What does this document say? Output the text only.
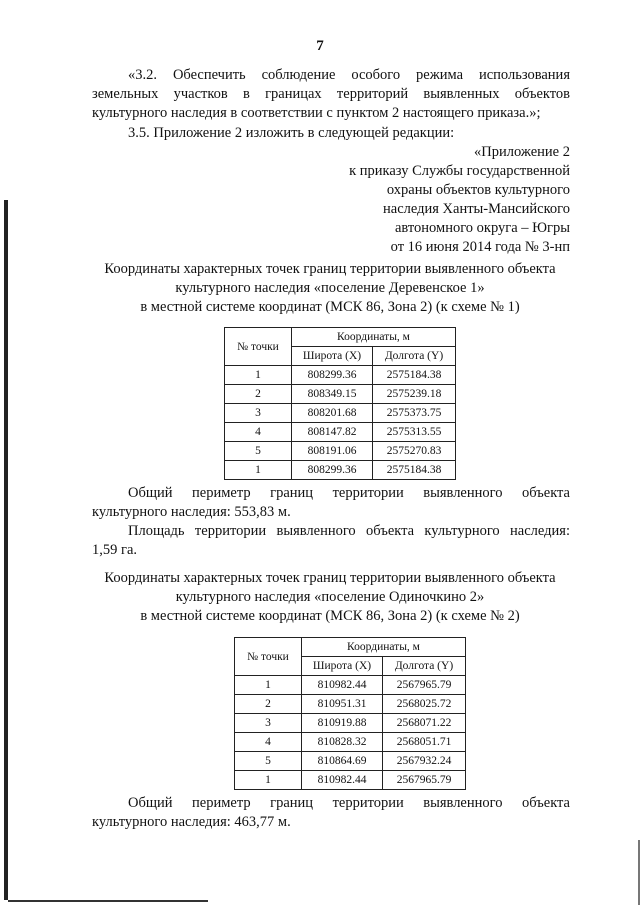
7
«3.2. Обеспечить соблюдение особого режима использования
земельных участков в границах территорий выявленных объектов
культурного наследия в соответствии с пунктом 2 настоящего приказа.»;
3.5. Приложение 2 изложить в следующей редакции:
«Приложение 2
к приказу Службы государственной
охраны объектов культурного
наследия Ханты-Мансийского
автономного округа – Югры
от 16 июня 2014 года № 3-нп
Координаты характерных точек границ территории выявленного объекта
культурного наследия «поселение Деревенское 1»
в местной системе координат (МСК 86, Зона 2) (к схеме № 1)
№ точки	Координаты, м	
	Широта (X)	Долгота (Y)
1	808299.36	2575184.38
2	808349.15	2575239.18
3	808201.68	2575373.75
4	808147.82	2575313.55
5	808191.06	2575270.83
1	808299.36	2575184.38
Общий периметр границ территории выявленного объекта
культурного наследия: 553,83 м.
Площадь территории выявленного объекта культурного наследия:
1,59 га.
Координаты характерных точек границ территории выявленного объекта
культурного наследия «поселение Одиночкино 2»
в местной системе координат (МСК 86, Зона 2) (к схеме № 2)
№ точки	Координаты, м	
	Широта (X)	Долгота (Y)
1	810982.44	2567965.79
2	810951.31	2568025.72
3	810919.88	2568071.22
4	810828.32	2568051.71
5	810864.69	2567932.24
1	810982.44	2567965.79
Общий периметр границ территории выявленного объекта
культурного наследия: 463,77 м.
